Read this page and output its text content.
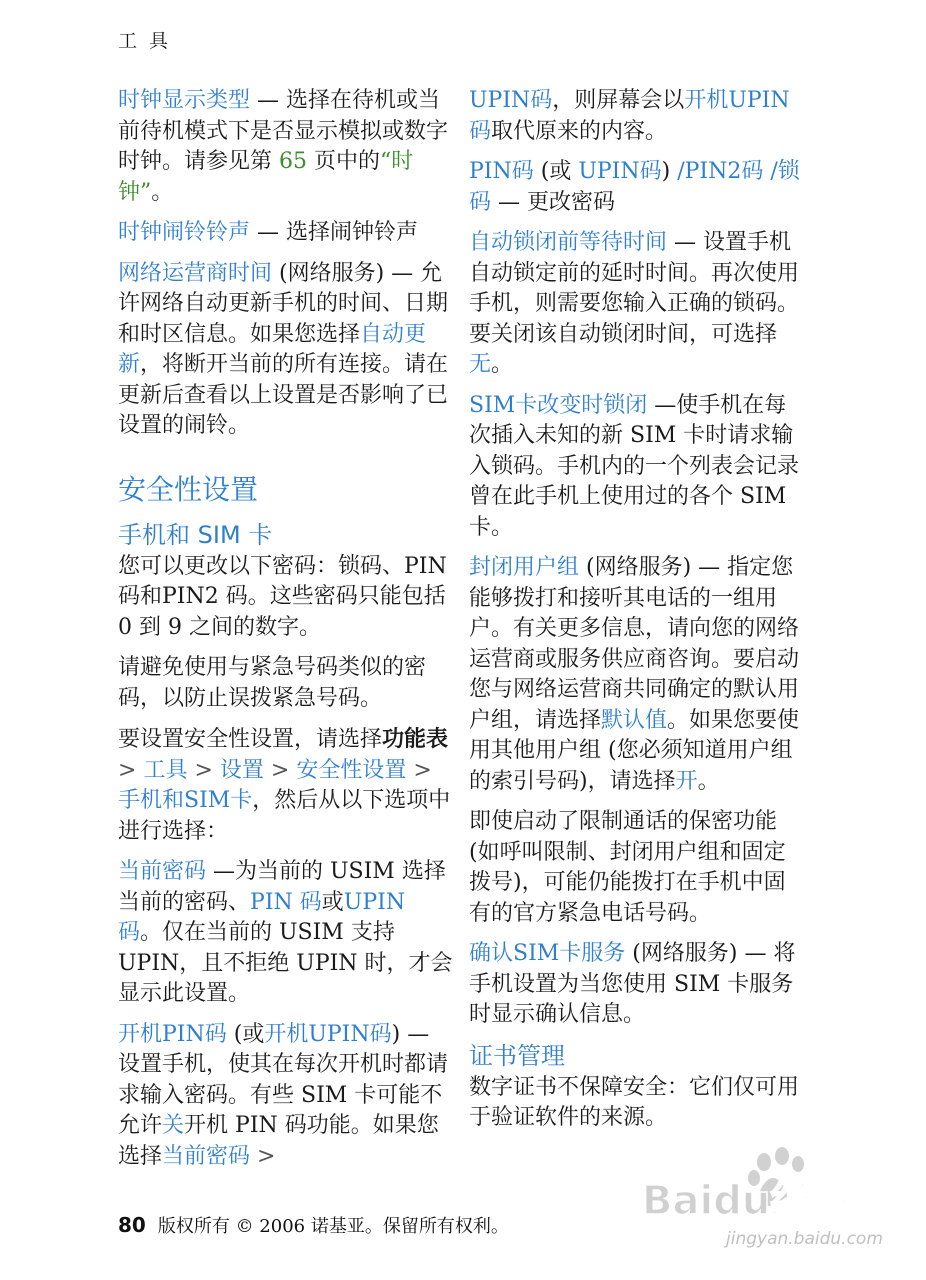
工 具

时钟显示类型 — 选择在待机或当前待机模式下是否显示模拟或数字时钟。请参见第 65 页中的“时钟”。

时钟闹铃铃声 — 选择闹钟铃声

网络运营商时间 (网络服务) — 允许网络自动更新手机的时间、日期和时区信息。如果您选择自动更新，将断开当前的所有连接。请在更新后查看以上设置是否影响了已设置的闹铃。

安全性设置
手机和 SIM 卡

您可以更改以下密码：锁码、PIN 码和PIN2 码。这些密码只能包括 0 到 9 之间的数字。

请避免使用与紧急号码类似的密码，以防止误拨紧急号码。

要设置安全性设置，请选择功能表 > 工具 > 设置 > 安全性设置 > 手机和SIM卡，然后从以下选项中进行选择：

当前密码 —为当前的 USIM 选择当前的密码、PIN 码或UPIN 码。仅在当前的 USIM 支持 UPIN，且不拒绝 UPIN 时，才会显示此设置。

开机PIN码 (或开机UPIN码) — 设置手机，使其在每次开机时都请求输入密码。有些 SIM 卡可能不允许关开机 PIN 码功能。如果您选择当前密码 >

UPIN码，则屏幕会以开机UPIN码取代原来的内容。

PIN码 (或 UPIN码) /PIN2码 /锁码 — 更改密码

自动锁闭前等待时间 — 设置手机自动锁定前的延时时间。再次使用手机，则需要您输入正确的锁码。要关闭该自动锁闭时间，可选择无。

SIM卡改变时锁闭 —使手机在每次插入未知的新 SIM 卡时请求输入锁码。手机内的一个列表会记录曾在此手机上使用过的各个 SIM 卡。

封闭用户组 (网络服务) — 指定您能够拨打和接听其电话的一组用户。有关更多信息，请向您的网络运营商或服务供应商咨询。要启动您与网络运营商共同确定的默认用户组，请选择默认值。如果您要使用其他用户组 (您必须知道用户组的索引号码)，请选择开。

即使启动了限制通话的保密功能 (如呼叫限制、封闭用户组和固定拨号)，可能仍能拨打在手机中固有的官方紧急电话号码。

确认SIM卡服务 (网络服务) — 将手机设置为当您使用 SIM 卡服务时显示确认信息。

证书管理

数字证书不保障安全：它们仅可用于验证软件的来源。

80 版权所有 © 2006 诺基亚。保留所有权利。
Baidu经验
jingyan.baidu.com
